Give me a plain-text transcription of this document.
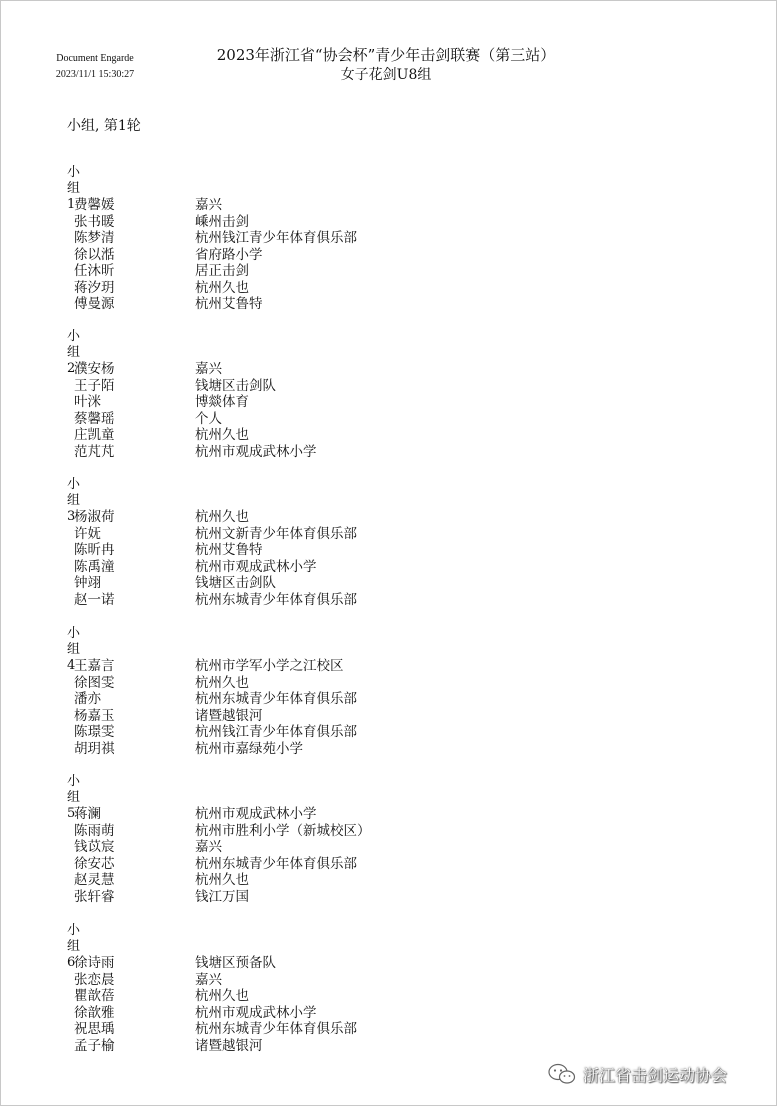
Document Engarde
2023/11/1 15:30:27
2023年浙江省“协会杯”青少年击剑联赛（第三站）
女子花剑U8组
小组, 第1轮
小组1
费馨媛	嘉兴
张书暖	嵊州击剑
陈梦清	杭州钱江青少年体育俱乐部
徐以湉	省府路小学
任沐昕	居正击剑
蒋汐玥	杭州久也
傅曼源	杭州艾鲁特
小组2
濮安杨	嘉兴
王子陌	钱塘区击剑队
叶洣	博燚体育
蔡馨瑶	个人
庄凯童	杭州久也
范芃芃	杭州市观成武林小学
小组3
杨淑荷	杭州久也
许妩	杭州文新青少年体育俱乐部
陈昕冉	杭州艾鲁特
陈禹潼	杭州市观成武林小学
钟翊	钱塘区击剑队
赵一诺	杭州东城青少年体育俱乐部
小组4
王嘉言	杭州市学军小学之江校区
徐图雯	杭州久也
潘亦	杭州东城青少年体育俱乐部
杨嘉玉	诸暨越银河
陈璟雯	杭州钱江青少年体育俱乐部
胡玥祺	杭州市嘉绿苑小学
小组5
蒋澜	杭州市观成武林小学
陈雨萌	杭州市胜利小学（新城校区）
钱苡宸	嘉兴
徐安芯	杭州东城青少年体育俱乐部
赵灵慧	杭州久也
张轩睿	钱江万国
小组6
徐诗雨	钱塘区预备队
张恋晨	嘉兴
瞿歆蓓	杭州久也
徐歆雅	杭州市观成武林小学
祝思瑀	杭州东城青少年体育俱乐部
孟子榆	诸暨越银河
浙江省击剑运动协会
